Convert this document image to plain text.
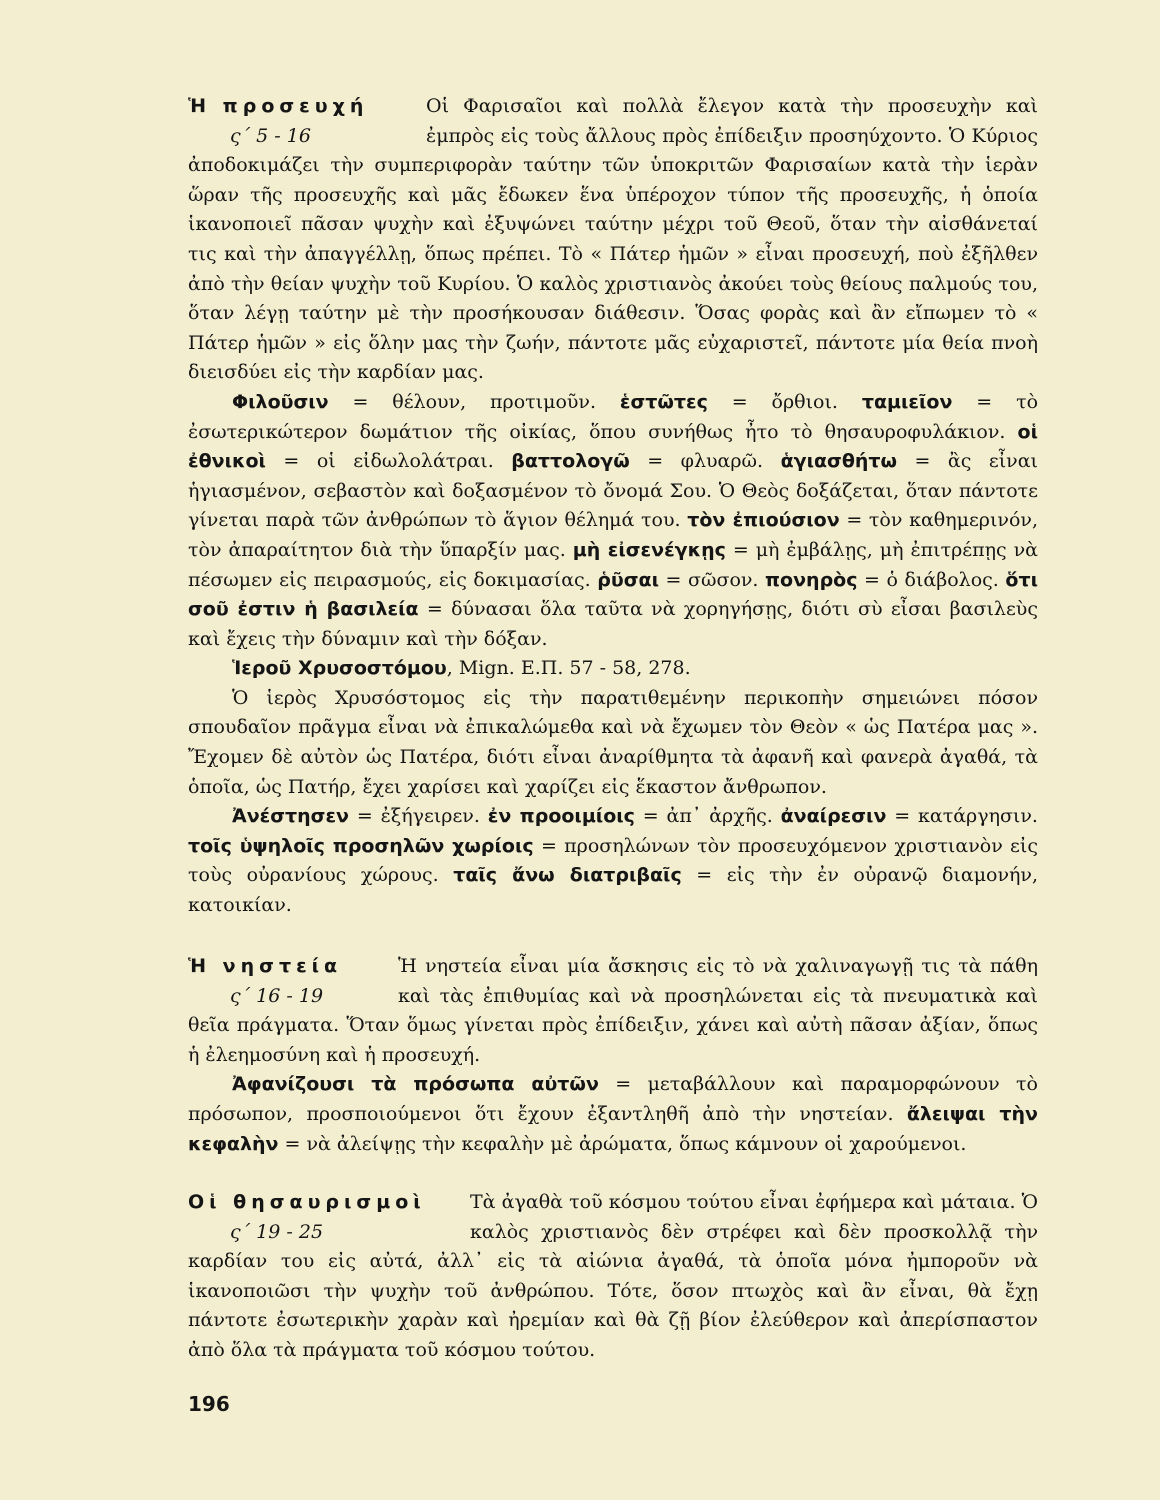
Ἡ προσευχή
ς΄ 5 - 16

Οἱ Φαρισαῖοι καὶ πολλὰ ἔλεγον κατὰ τὴν προσευχὴν καὶ ἐμπρὸς εἰς τοὺς ἄλλους πρὸς ἐπίδειξιν προσηύχοντο. Ὁ Κύριος ἀποδοκιμάζει τὴν συμπεριφορὰν ταύτην τῶν ὑποκριτῶν Φαρισαίων κατὰ τὴν ἱερὰν ὥραν τῆς προσευχῆς καὶ μᾶς ἔδωκεν ἕνα ὑπέροχον τύπον τῆς προσευχῆς, ἡ ὁποία ἱκανοποιεῖ πᾶσαν ψυχὴν καὶ ἐξυψώνει ταύτην μέχρι τοῦ Θεοῦ, ὅταν τὴν αἰσθάνεταί τις καὶ τὴν ἀπαγγέλλῃ, ὅπως πρέπει. Τὸ « Πάτερ ἡμῶν » εἶναι προσευχή, ποὺ ἐξῆλθεν ἀπὸ τὴν θείαν ψυχὴν τοῦ Κυρίου. Ὁ καλὸς χριστιανὸς ἀκούει τοὺς θείους παλμούς του, ὅταν λέγῃ ταύτην μὲ τὴν προσήκουσαν διάθεσιν. Ὅσας φορὰς καὶ ἂν εἴπωμεν τὸ « Πάτερ ἡμῶν » εἰς ὅλην μας τὴν ζωήν, πάντοτε μᾶς εὐχαριστεῖ, πάντοτε μία θεία πνοὴ διεισδύει εἰς τὴν καρδίαν μας.

Φιλοῦσιν = θέλουν, προτιμοῦν. ἑστῶτες = ὄρθιοι. ταμιεῖον = τὸ ἐσωτερικώτερον δωμάτιον τῆς οἰκίας, ὅπου συνήθως ἦτο τὸ θησαυροφυλάκιον. οἱ ἐθνικοὶ = οἱ εἰδωλολάτραι. βαττολογῶ = φλυαρῶ. ἁγιασθήτω = ἂς εἶναι ἡγιασμένον, σεβαστὸν καὶ δοξασμένον τὸ ὄνομά Σου. Ὁ Θεὸς δοξάζεται, ὅταν πάντοτε γίνεται παρὰ τῶν ἀνθρώπων τὸ ἅγιον θέλημά του. τὸν ἐπιούσιον = τὸν καθημερινόν, τὸν ἀπαραίτητον διὰ τὴν ὕπαρξίν μας. μὴ εἰσενέγκῃς = μὴ ἐμβάλῃς, μὴ ἐπιτρέπῃς νὰ πέσωμεν εἰς πειρασμούς, εἰς δοκιμασίας. ῥῦσαι = σῶσον. πονηρὸς = ὁ διάβολος. ὅτι σοῦ ἐστιν ἡ βασιλεία = δύνασαι ὅλα ταῦτα νὰ χορηγήσῃς, διότι σὺ εἶσαι βασιλεὺς καὶ ἔχεις τὴν δύναμιν καὶ τὴν δόξαν.

Ἱεροῦ Χρυσοστόμου, Mign. Ε.Π. 57 - 58, 278.

Ὁ ἱερὸς Χρυσόστομος εἰς τὴν παρατιθεμένην περικοπὴν σημειώνει πόσον σπουδαῖον πρᾶγμα εἶναι νὰ ἐπικαλώμεθα καὶ νὰ ἔχωμεν τὸν Θεὸν « ὡς Πατέρα μας ». Ἔχομεν δὲ αὐτὸν ὡς Πατέρα, διότι εἶναι ἀναρίθμητα τὰ ἀφανῆ καὶ φανερὰ ἀγαθά, τὰ ὁποῖα, ὡς Πατήρ, ἔχει χαρίσει καὶ χαρίζει εἰς ἕκαστον ἄνθρωπον.

Ἀνέστησεν = ἐξήγειρεν. ἐν προοιμίοις = ἀπ᾽ ἀρχῆς. ἀναίρεσιν = κατάργησιν. τοῖς ὑψηλοῖς προσηλῶν χωρίοις = προσηλώνων τὸν προσευχόμενον χριστιανὸν εἰς τοὺς οὐρανίους χώρους. ταῖς ἄνω διατριβαῖς = εἰς τὴν ἐν οὐρανῷ διαμονήν, κατοικίαν.

Ἡ νηστεία
ς΄ 16 - 19

Ἡ νηστεία εἶναι μία ἄσκησις εἰς τὸ νὰ χαλιναγωγῇ τις τὰ πάθη καὶ τὰς ἐπιθυμίας καὶ νὰ προσηλώνεται εἰς τὰ πνευματικὰ καὶ θεῖα πράγματα. Ὅταν ὅμως γίνεται πρὸς ἐπίδειξιν, χάνει καὶ αὐτὴ πᾶσαν ἀξίαν, ὅπως ἡ ἐλεημοσύνη καὶ ἡ προσευχή.

Ἀφανίζουσι τὰ πρόσωπα αὐτῶν = μεταβάλλουν καὶ παραμορφώνουν τὸ πρόσωπον, προσποιούμενοι ὅτι ἔχουν ἐξαντληθῆ ἀπὸ τὴν νηστείαν. ἄλειψαι τὴν κεφαλὴν = νὰ ἀλείψῃς τὴν κεφαλὴν μὲ ἀρώματα, ὅπως κάμνουν οἱ χαρούμενοι.

Οἱ θησαυρισμοὶ
ς΄ 19 - 25

Τὰ ἀγαθὰ τοῦ κόσμου τούτου εἶναι ἐφήμερα καὶ μάταια. Ὁ καλὸς χριστιανὸς δὲν στρέφει καὶ δὲν προσκολλᾷ τὴν καρδίαν του εἰς αὐτά, ἀλλ᾽ εἰς τὰ αἰώνια ἀγαθά, τὰ ὁποῖα μόνα ἠμποροῦν νὰ ἱκανοποιῶσι τὴν ψυχὴν τοῦ ἀνθρώπου. Τότε, ὅσον πτωχὸς καὶ ἂν εἶναι, θὰ ἔχῃ πάντοτε ἐσωτερικὴν χαρὰν καὶ ἠρεμίαν καὶ θὰ ζῇ βίον ἐλεύθερον καὶ ἀπερίσπαστον ἀπὸ ὅλα τὰ πράγματα τοῦ κόσμου τούτου.

196
